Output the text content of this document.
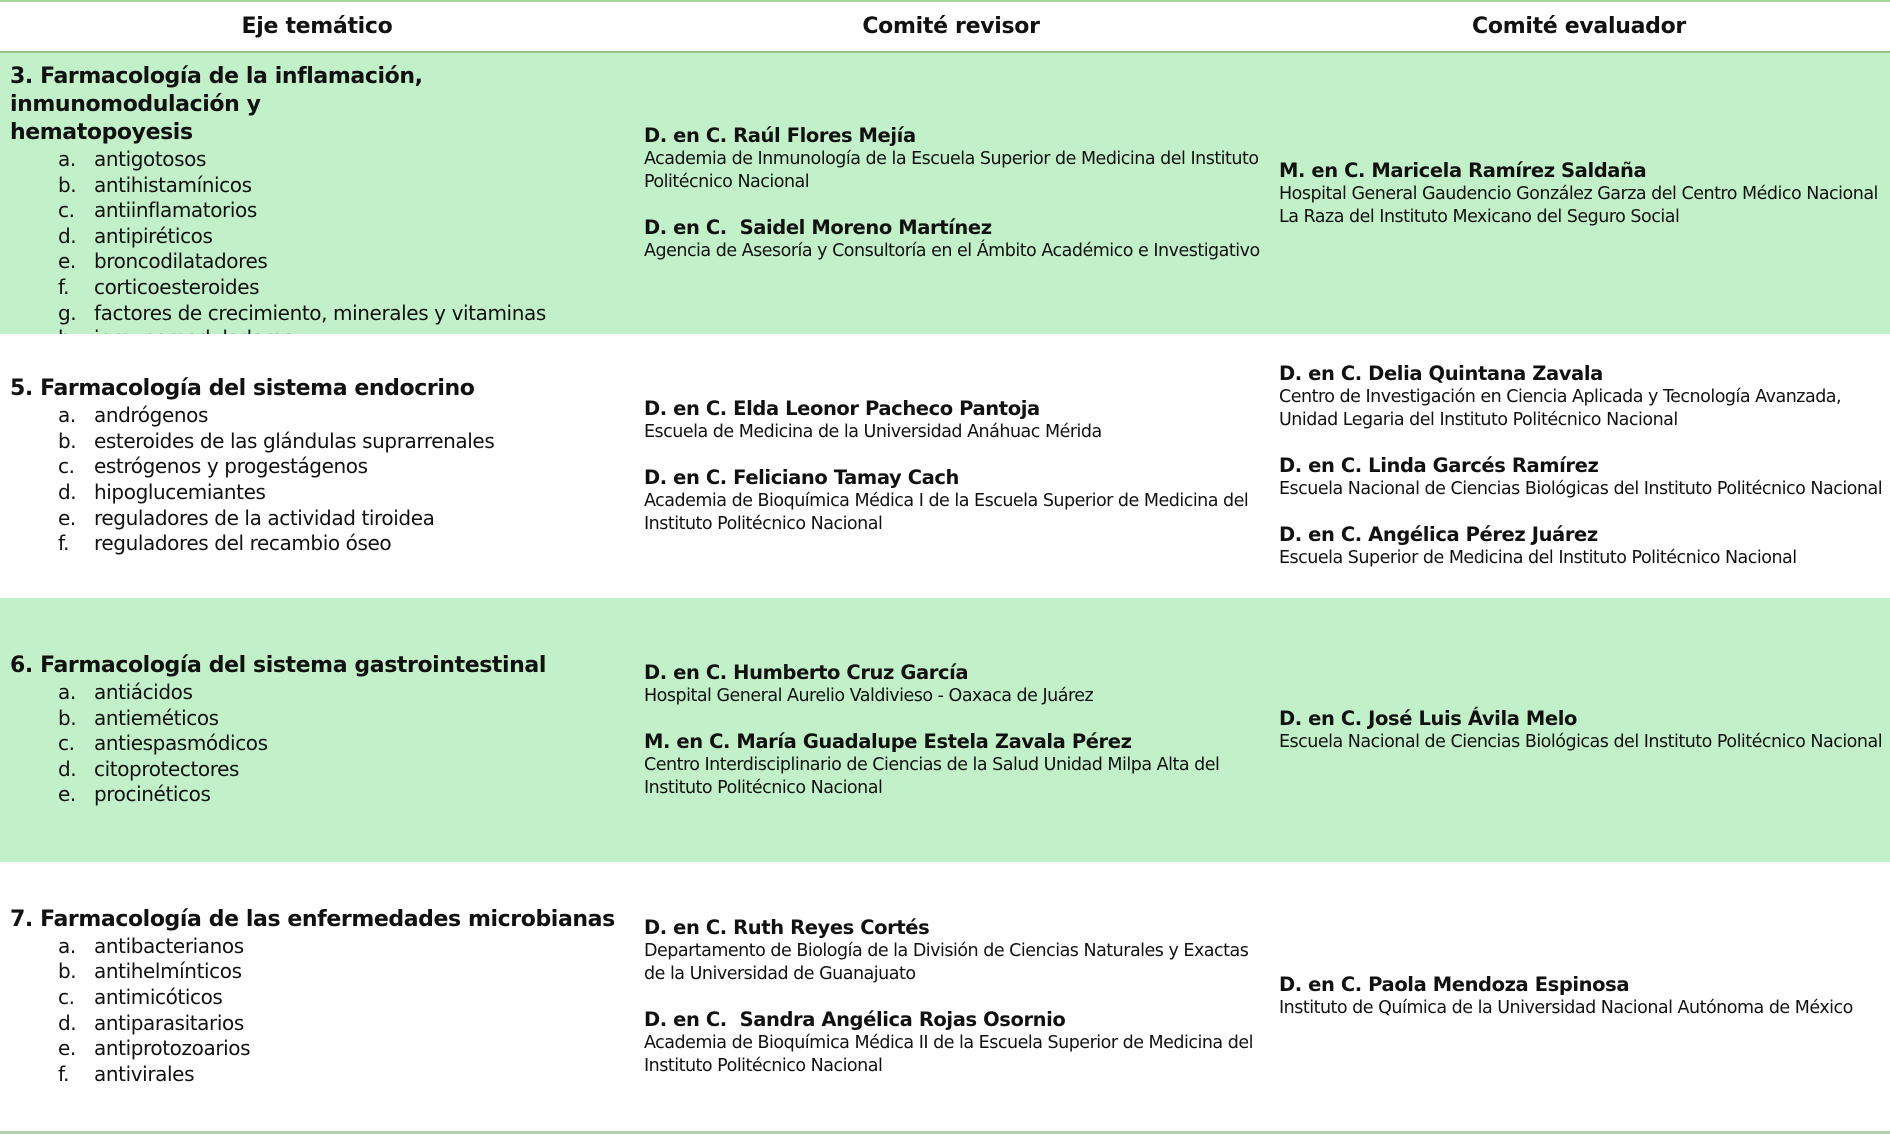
Eje temático	Comité revisor	Comité evaluador
3. Farmacología de la inflamación, inmunomodulación y hematopoyesis
a. antigotosos
b. antihistamínicos
c. antiinflamatorios
d. antipiréticos
e. broncodilatadores
f. corticoesteroides
g. factores de crecimiento, minerales y vitaminas
D. en C. Raúl Flores Mejía
Academia de Inmunología de la Escuela Superior de Medicina del Instituto Politécnico Nacional
D. en C.  Saidel Moreno Martínez
Agencia de Asesoría y Consultoría en el Ámbito Académico e Investigativo
M. en C. Maricela Ramírez Saldaña
Hospital General Gaudencio González Garza del Centro Médico Nacional La Raza del Instituto Mexicano del Seguro Social
5. Farmacología del sistema endocrino
a. andrógenos
b. esteroides de las glándulas suprarrenales
c. estrógenos y progestágenos
d. hipoglucemiantes
e. reguladores de la actividad tiroidea
f. reguladores del recambio óseo
D. en C. Elda Leonor Pacheco Pantoja
Escuela de Medicina de la Universidad Anáhuac Mérida
D. en C. Feliciano Tamay Cach
Academia de Bioquímica Médica I de la Escuela Superior de Medicina del Instituto Politécnico Nacional
D. en C. Delia Quintana Zavala
Centro de Investigación en Ciencia Aplicada y Tecnología Avanzada, Unidad Legaria del Instituto Politécnico Nacional
D. en C. Linda Garcés Ramírez
Escuela Nacional de Ciencias Biológicas del Instituto Politécnico Nacional
D. en C. Angélica Pérez Juárez
Escuela Superior de Medicina del Instituto Politécnico Nacional
6. Farmacología del sistema gastrointestinal
a. antiácidos
b. antieméticos
c. antiespasmódicos
d. citoprotectores
e. procinéticos
D. en C. Humberto Cruz García
Hospital General Aurelio Valdivieso - Oaxaca de Juárez
M. en C. María Guadalupe Estela Zavala Pérez
Centro Interdisciplinario de Ciencias de la Salud Unidad Milpa Alta del Instituto Politécnico Nacional
D. en C. José Luis Ávila Melo
Escuela Nacional de Ciencias Biológicas del Instituto Politécnico Nacional
7. Farmacología de las enfermedades microbianas
a. antibacterianos
b. antihelmínticos
c. antimicóticos
d. antiparasitarios
e. antiprotozoarios
f. antivirales
D. en C. Ruth Reyes Cortés
Departamento de Biología de la División de Ciencias Naturales y Exactas de la Universidad de Guanajuato
D. en C.  Sandra Angélica Rojas Osornio
Academia de Bioquímica Médica II de la Escuela Superior de Medicina del Instituto Politécnico Nacional
D. en C. Paola Mendoza Espinosa
Instituto de Química de la Universidad Nacional Autónoma de México
